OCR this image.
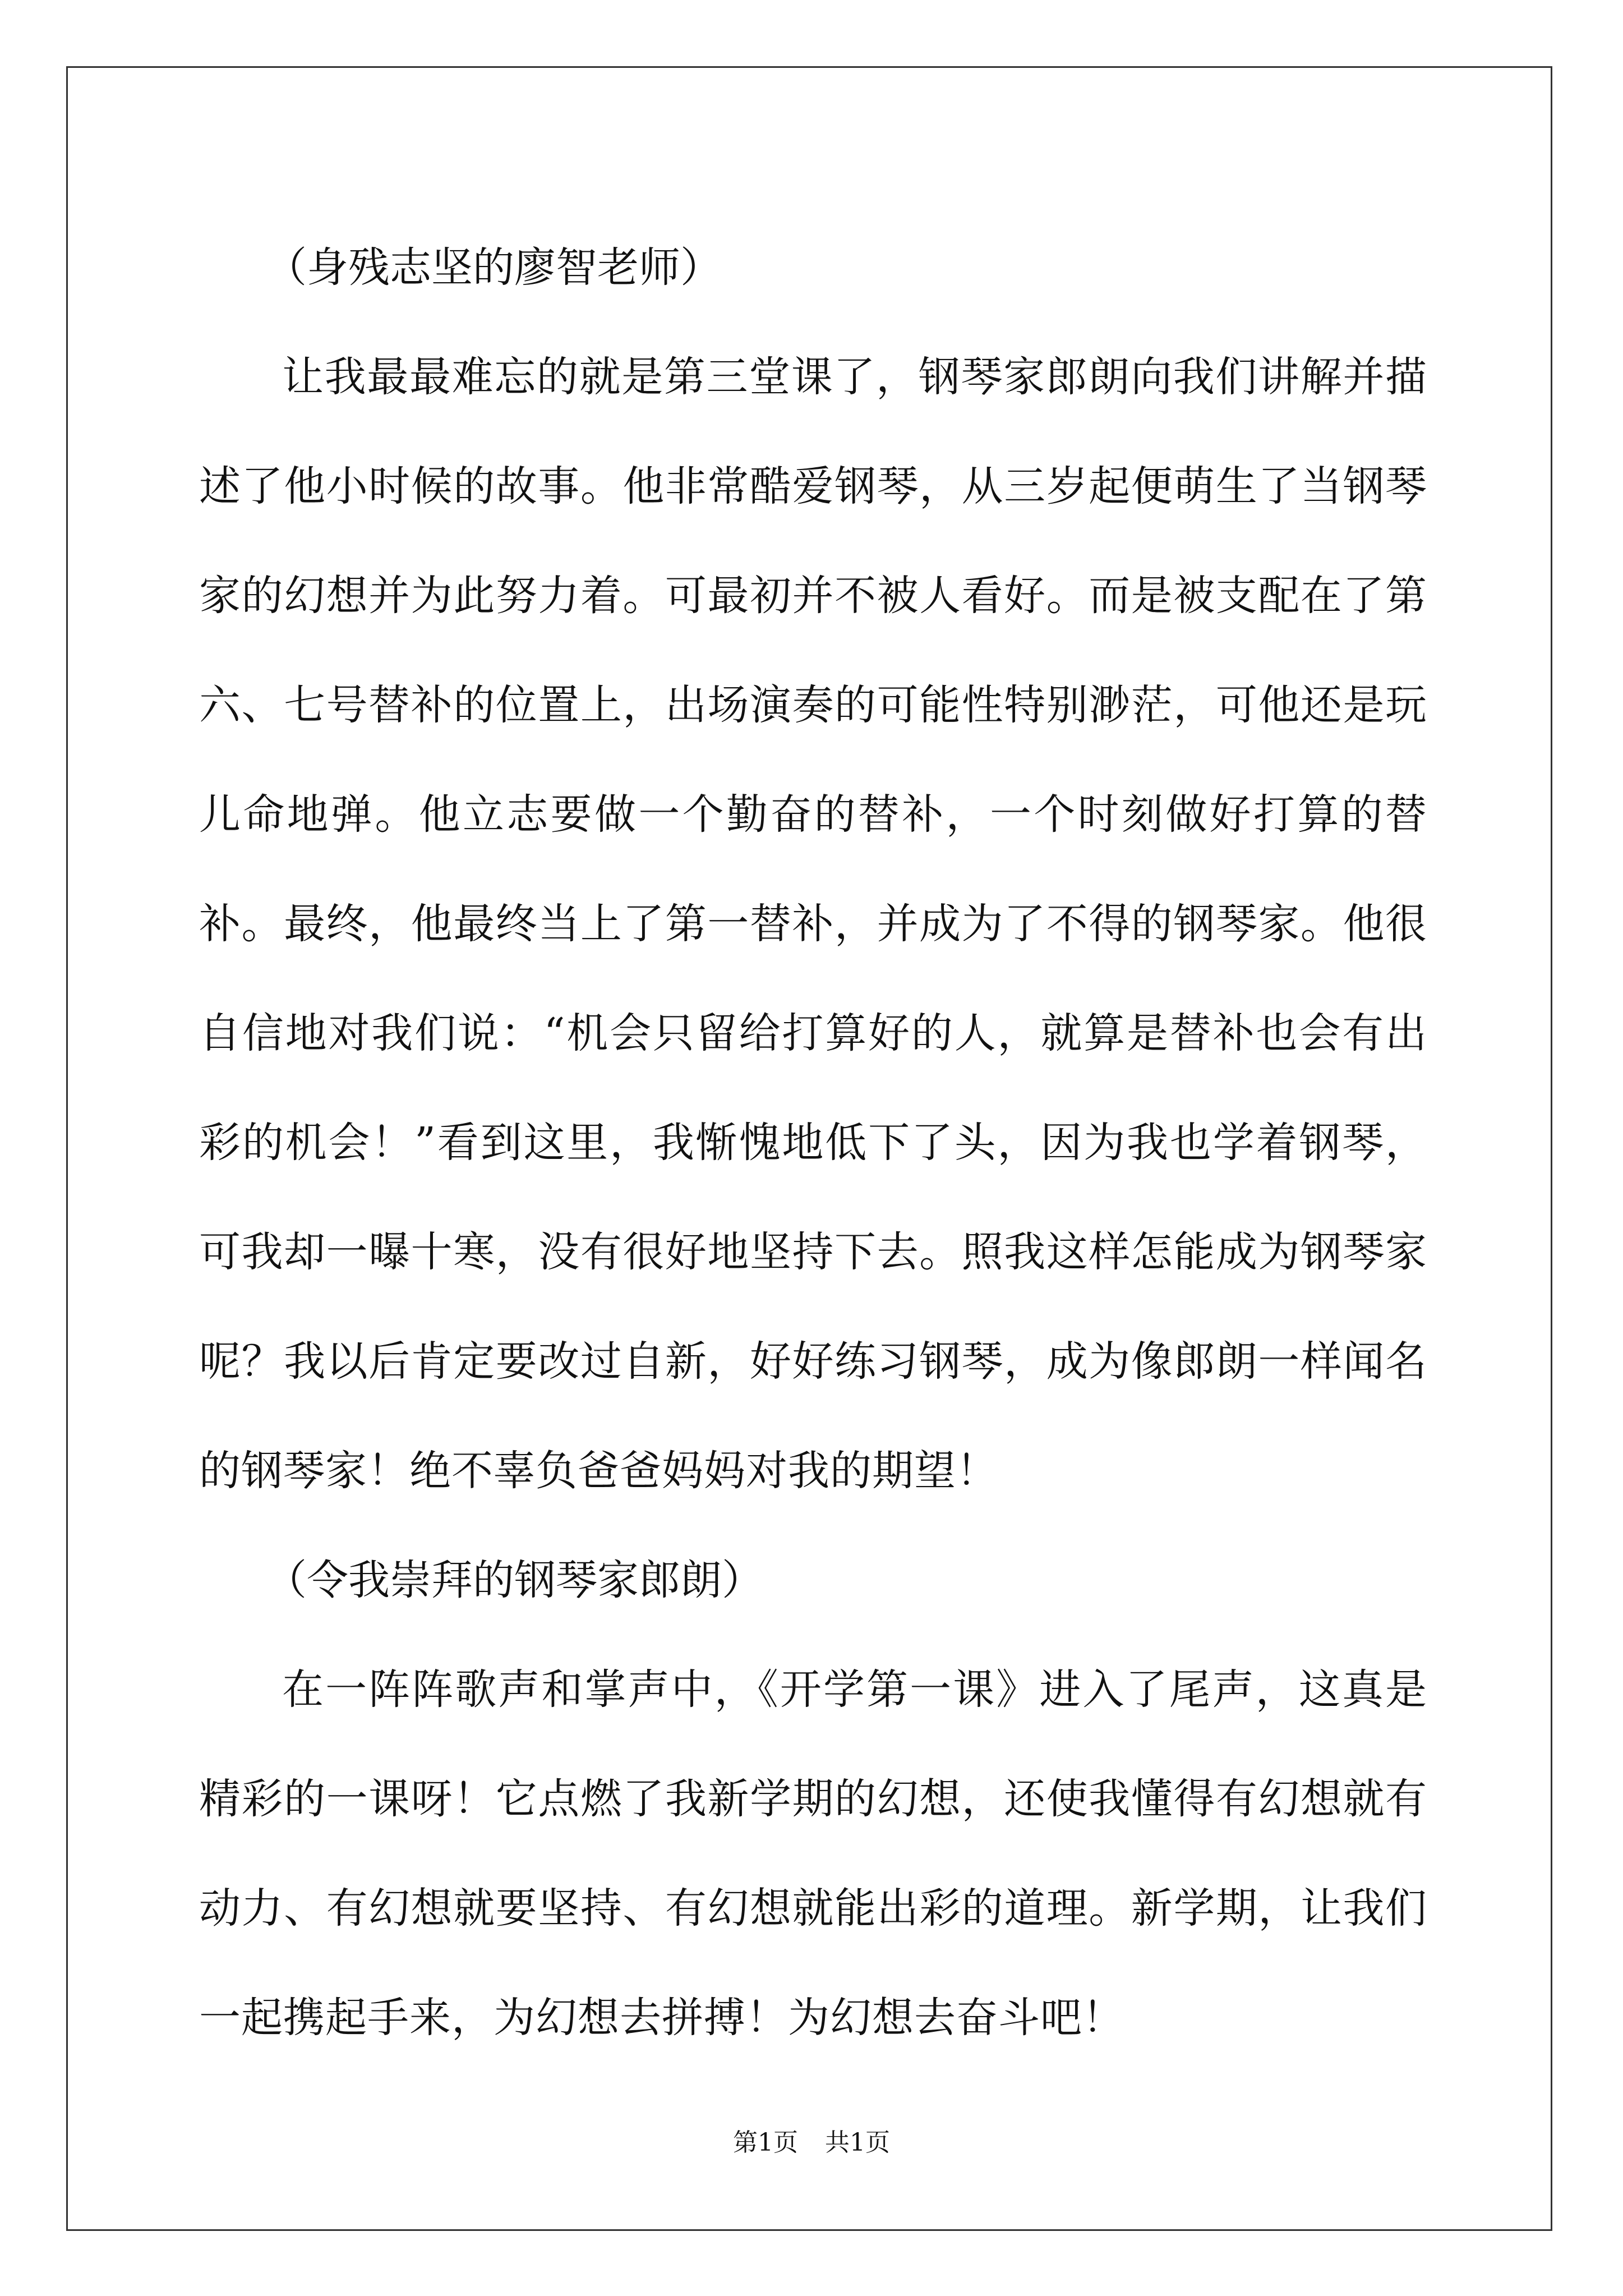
（身残志坚的廖智老师）

让我最最难忘的就是第三堂课了，钢琴家郎朗向我们讲解并描述了他小时候的故事。他非常酷爱钢琴，从三岁起便萌生了当钢琴家的幻想并为此努力着。可最初并不被人看好。而是被支配在了第六、七号替补的位置上，出场演奏的可能性特别渺茫，可他还是玩儿命地弹。他立志要做一个勤奋的替补，一个时刻做好打算的替补。最终，他最终当上了第一替补，并成为了不得的钢琴家。他很自信地对我们说：“机会只留给打算好的人，就算是替补也会有出彩的机会！”看到这里，我惭愧地低下了头，因为我也学着钢琴，可我却一曝十寒，没有很好地坚持下去。照我这样怎能成为钢琴家呢？我以后肯定要改过自新，好好练习钢琴，成为像郎朗一样闻名的钢琴家！绝不辜负爸爸妈妈对我的期望！

（令我崇拜的钢琴家郎朗）

在一阵阵歌声和掌声中，《开学第一课》进入了尾声，这真是精彩的一课呀！它点燃了我新学期的幻想，还使我懂得有幻想就有动力、有幻想就要坚持、有幻想就能出彩的道理。新学期，让我们一起携起手来，为幻想去拼搏！为幻想去奋斗吧！

第1页 共1页
